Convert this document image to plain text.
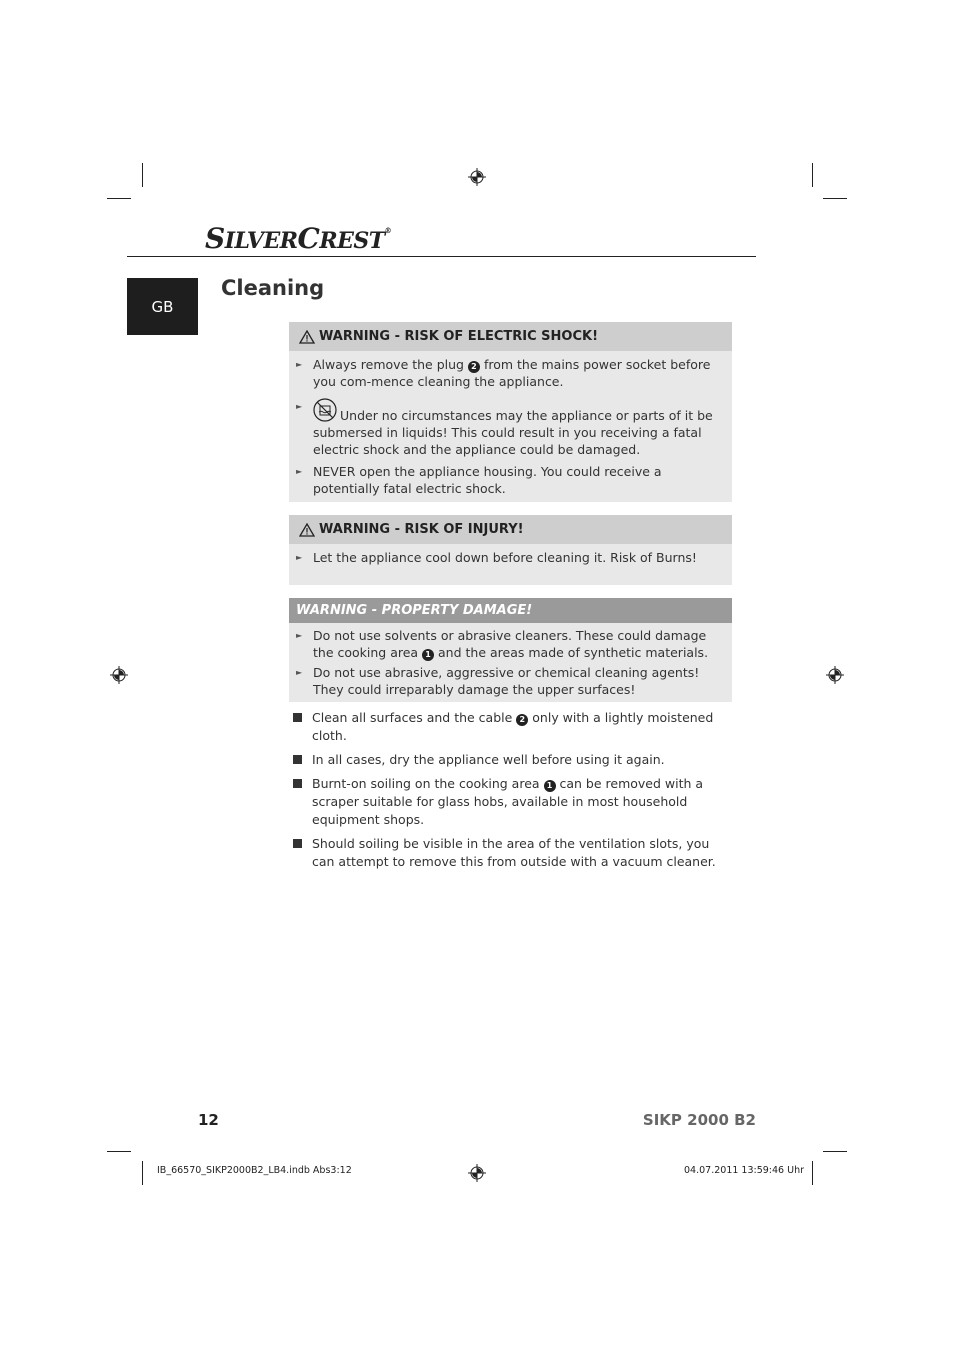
SILVERCREST®
GB
Cleaning
WARNING - RISK OF ELECTRIC SHOCK!
► Always remove the plug 2 from the mains power socket before you com-mence cleaning the appliance.
► Under no circumstances may the appliance or parts of it be submersed in liquids! This could result in you receiving a fatal electric shock and the appliance could be damaged.
► NEVER open the appliance housing. You could receive a potentially fatal electric shock.
WARNING - RISK OF INJURY!
► Let the appliance cool down before cleaning it. Risk of Burns!
WARNING - PROPERTY DAMAGE!
► Do not use solvents or abrasive cleaners. These could damage the cooking area 1 and the areas made of synthetic materials.
► Do not use abrasive, aggressive or chemical cleaning agents! They could irreparably damage the upper surfaces!
Clean all surfaces and the cable 2 only with a lightly moistened cloth.
In all cases, dry the appliance well before using it again.
Burnt-on soiling on the cooking area 1 can be removed with a scraper suitable for glass hobs, available in most household equipment shops.
Should soiling be visible in the area of the ventilation slots, you can attempt to remove this from outside with a vacuum cleaner.
12	SIKP 2000 B2
IB_66570_SIKP2000B2_LB4.indb Abs3:12	04.07.2011 13:59:46 Uhr
